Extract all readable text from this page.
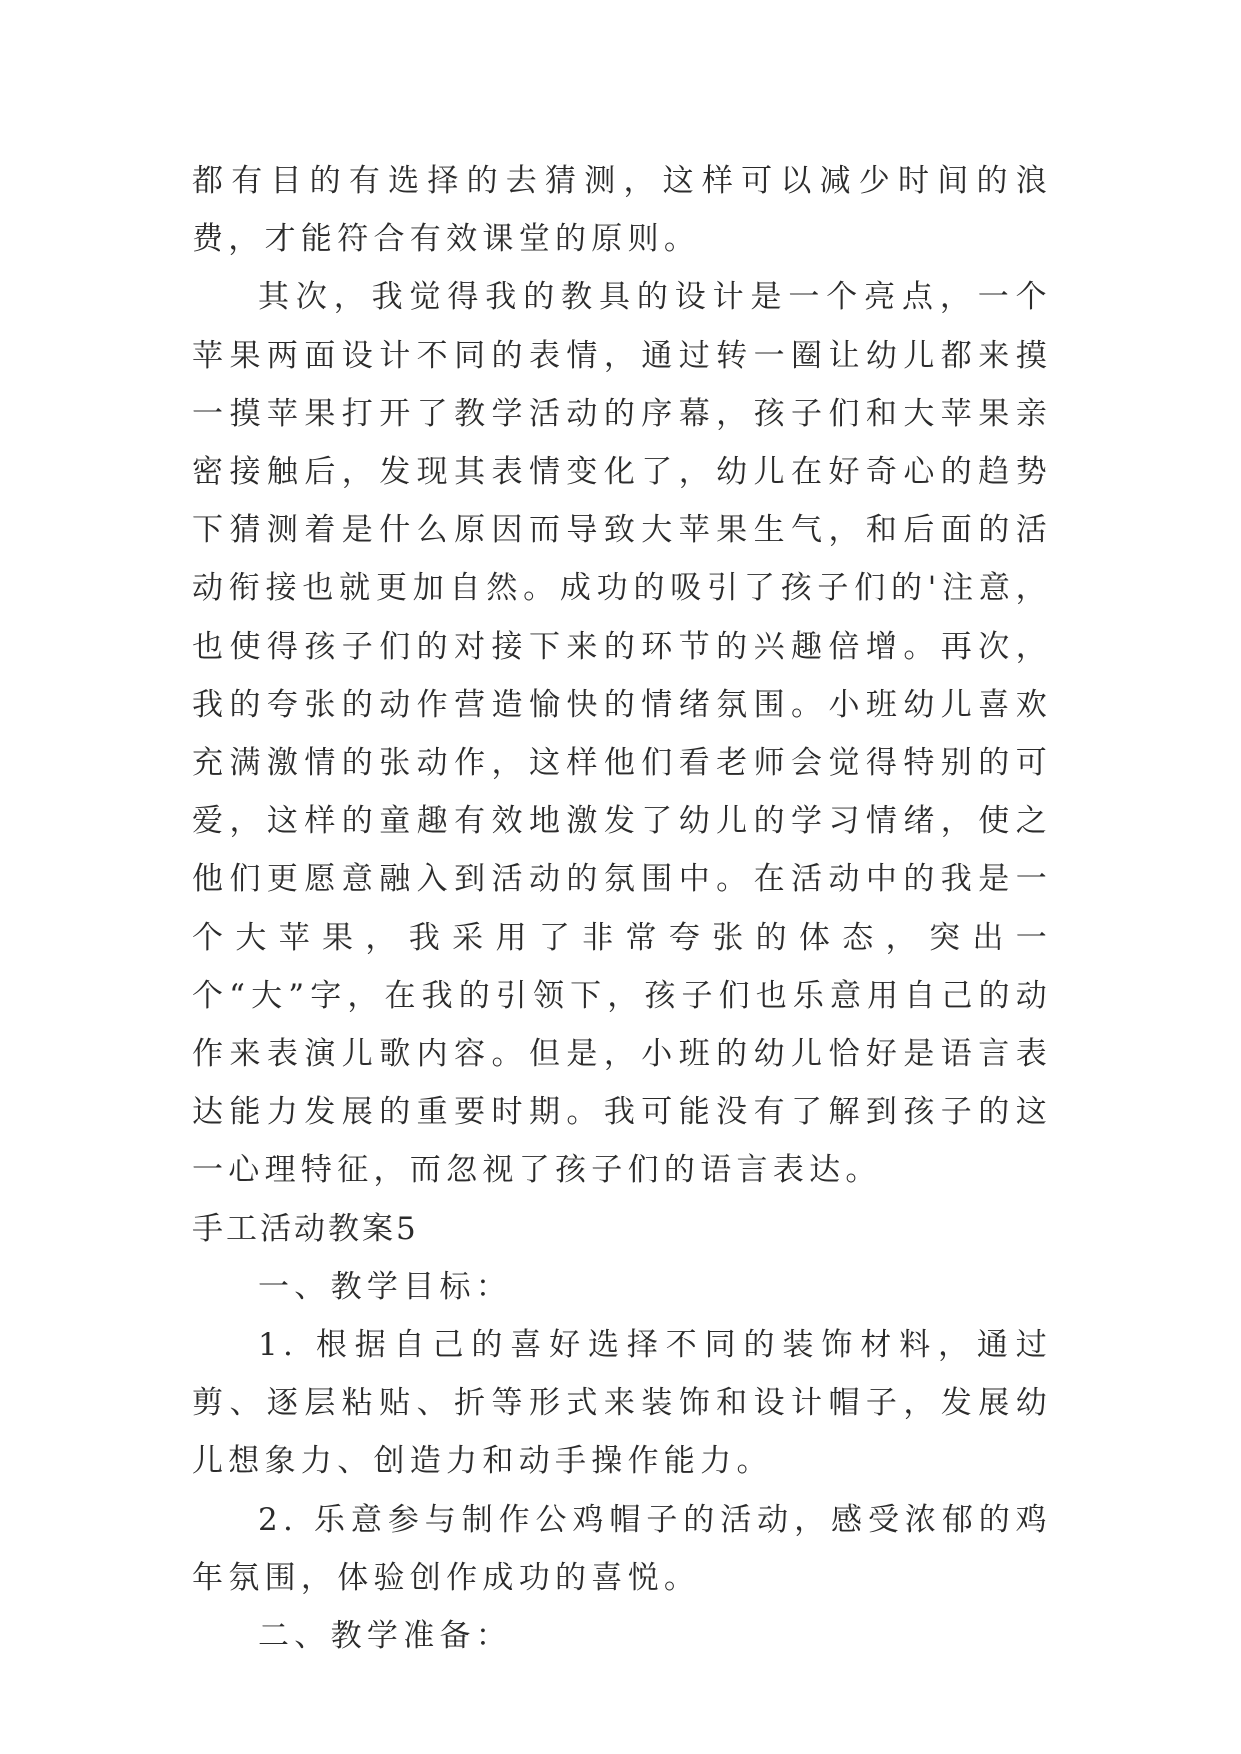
都有目的有选择的去猜测，这样可以减少时间的浪费，才能符合有效课堂的原则。

其次，我觉得我的教具的设计是一个亮点，一个苹果两面设计不同的表情，通过转一圈让幼儿都来摸一摸苹果打开了教学活动的序幕，孩子们和大苹果亲密接触后，发现其表情变化了，幼儿在好奇心的趋势下猜测着是什么原因而导致大苹果生气，和后面的活动衔接也就更加自然。成功的吸引了孩子们的'注意，也使得孩子们的对接下来的环节的兴趣倍增。再次，我的夸张的动作营造愉快的情绪氛围。小班幼儿喜欢充满激情的张动作，这样他们看老师会觉得特别的可爱，这样的童趣有效地激发了幼儿的学习情绪，使之他们更愿意融入到活动的氛围中。在活动中的我是一个大苹果，我采用了非常夸张的体态，突出一个“大”字，在我的引领下，孩子们也乐意用自己的动作来表演儿歌内容。但是，小班的幼儿恰好是语言表达能力发展的重要时期。我可能没有了解到孩子的这一心理特征，而忽视了孩子们的语言表达。

手工活动教案5

一、教学目标：

1. 根据自己的喜好选择不同的装饰材料，通过剪、逐层粘贴、折等形式来装饰和设计帽子，发展幼儿想象力、创造力和动手操作能力。

2. 乐意参与制作公鸡帽子的活动，感受浓郁的鸡年氛围，体验创作成功的喜悦。

二、教学准备：
